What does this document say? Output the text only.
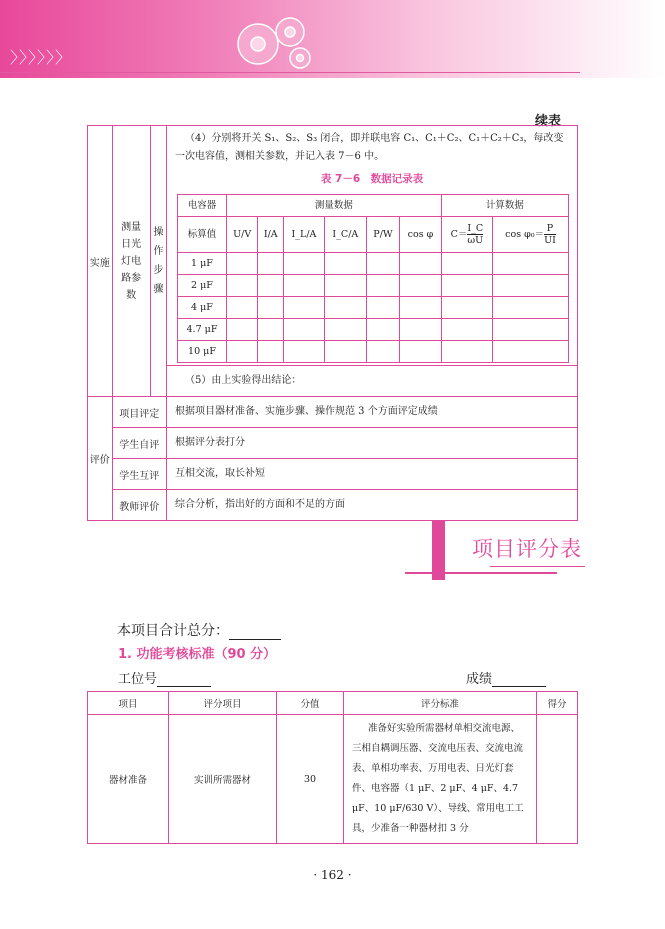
〉〉〉〉〉〉
续表
实施	测量日光灯电路参数	操作步骤	
（4）分别将开关 S₁、S₂、S₃ 闭合，即并联电容 C₁、C₁＋C₂、C₁＋C₂＋C₃，每改变一次电容值，测相关参数，并记入表 7－6 中。
表 7－6　数据记录表
电容器	测量数据	计算数据
标算值	U/V	I/A	I_L/A	I_C/A	P/W	cos φ	$C= \frac{I\_C}{\omega U}$	$\cos \varphi_0= \frac{P}{UI}$

1 μF								
2 μF								
4 μF								
4.7 μF								
10 μF								

（5）由上实验得出结论：
评价	项目评定	根据项目器材准备、实施步骤、操作规范 3 个方面评定成绩
学生自评	根据评分表打分
学生互评	互相交流，取长补短
教师评价	综合分析，指出好的方面和不足的方面
项目评分表
本项目合计总分：
1. 功能考核标准（90 分）
工位号	成绩
项目	评分项目	分值	评分标准	得分
器材准备	实训所需器材	30	准备好实验所需器材单相交流电源、三相自耦调压器、交流电压表、交流电流表、单相功率表、万用电表、日光灯套件、电容器（1 μF、2 μF、4 μF、4.7 μF、10 μF/630 V）、导线、常用电工工具，少准备一种器材扣 3 分	
· 162 ·
